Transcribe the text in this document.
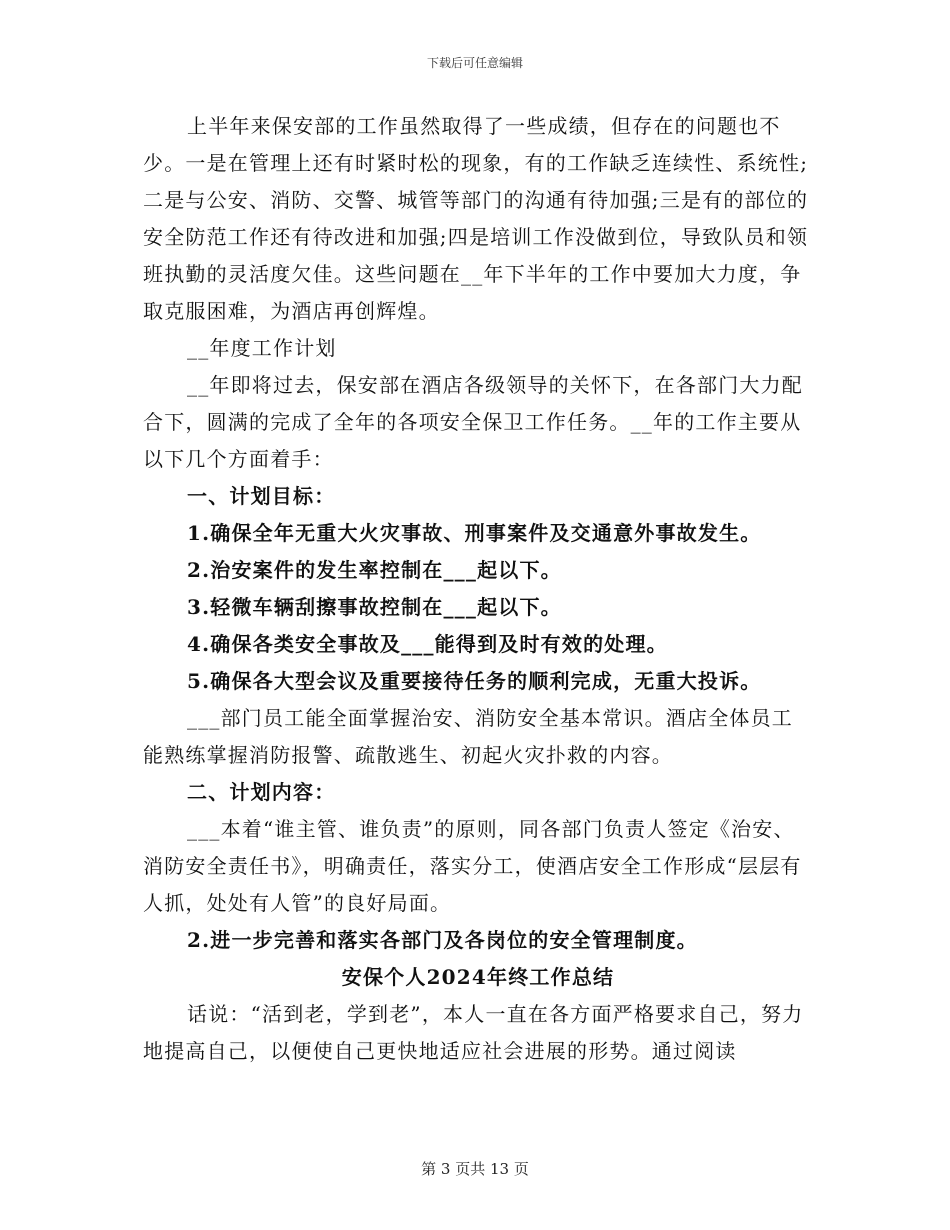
下载后可任意编辑

上半年来保安部的工作虽然取得了一些成绩，但存在的问题也不少。一是在管理上还有时紧时松的现象，有的工作缺乏连续性、系统性;二是与公安、消防、交警、城管等部门的沟通有待加强;三是有的部位的安全防范工作还有待改进和加强;四是培训工作没做到位，导致队员和领班执勤的灵活度欠佳。这些问题在__年下半年的工作中要加大力度，争取克服困难，为酒店再创辉煌。

__年度工作计划

__年即将过去，保安部在酒店各级领导的关怀下，在各部门大力配合下，圆满的完成了全年的各项安全保卫工作任务。__年的工作主要从以下几个方面着手：

一、计划目标：

1.确保全年无重大火灾事故、刑事案件及交通意外事故发生。

2.治安案件的发生率控制在___起以下。

3.轻微车辆刮擦事故控制在___起以下。

4.确保各类安全事故及___能得到及时有效的处理。

5.确保各大型会议及重要接待任务的顺利完成，无重大投诉。

___部门员工能全面掌握治安、消防安全基本常识。酒店全体员工能熟练掌握消防报警、疏散逃生、初起火灾扑救的内容。

二、计划内容：

___本着“谁主管、谁负责”的原则，同各部门负责人签定《治安、消防安全责任书》，明确责任，落实分工，使酒店安全工作形成“层层有人抓，处处有人管”的良好局面。

2.进一步完善和落实各部门及各岗位的安全管理制度。

安保个人2024年终工作总结

话说：“活到老，学到老”，本人一直在各方面严格要求自己，努力地提高自己，以便使自己更快地适应社会进展的形势。通过阅读

第 3 页共 13 页
